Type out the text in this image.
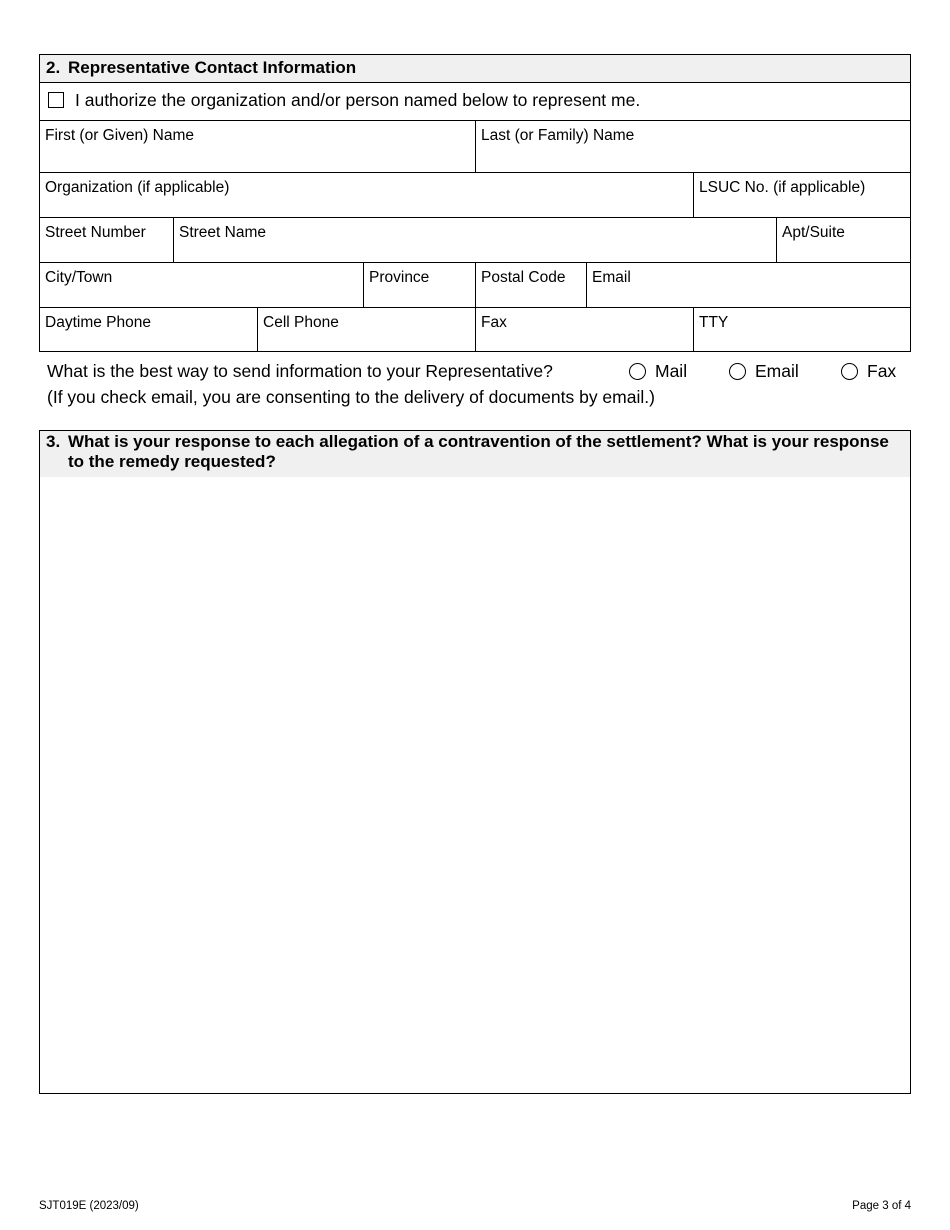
2. Representative Contact Information
I authorize the organization and/or person named below to represent me.
First (or Given) Name	Last (or Family) Name
Organization (if applicable)	LSUC No. (if applicable)
Street Number	Street Name	Apt/Suite
City/Town	Province	Postal Code	Email
Daytime Phone	Cell Phone	Fax	TTY
What is the best way to send information to your Representative?
(If you check email, you are consenting to the delivery of documents by email.)
Mail	Email	Fax
3. What is your response to each allegation of a contravention of the settlement? What is your response to the remedy requested?
SJT019E (2023/09)	Page 3 of 4
